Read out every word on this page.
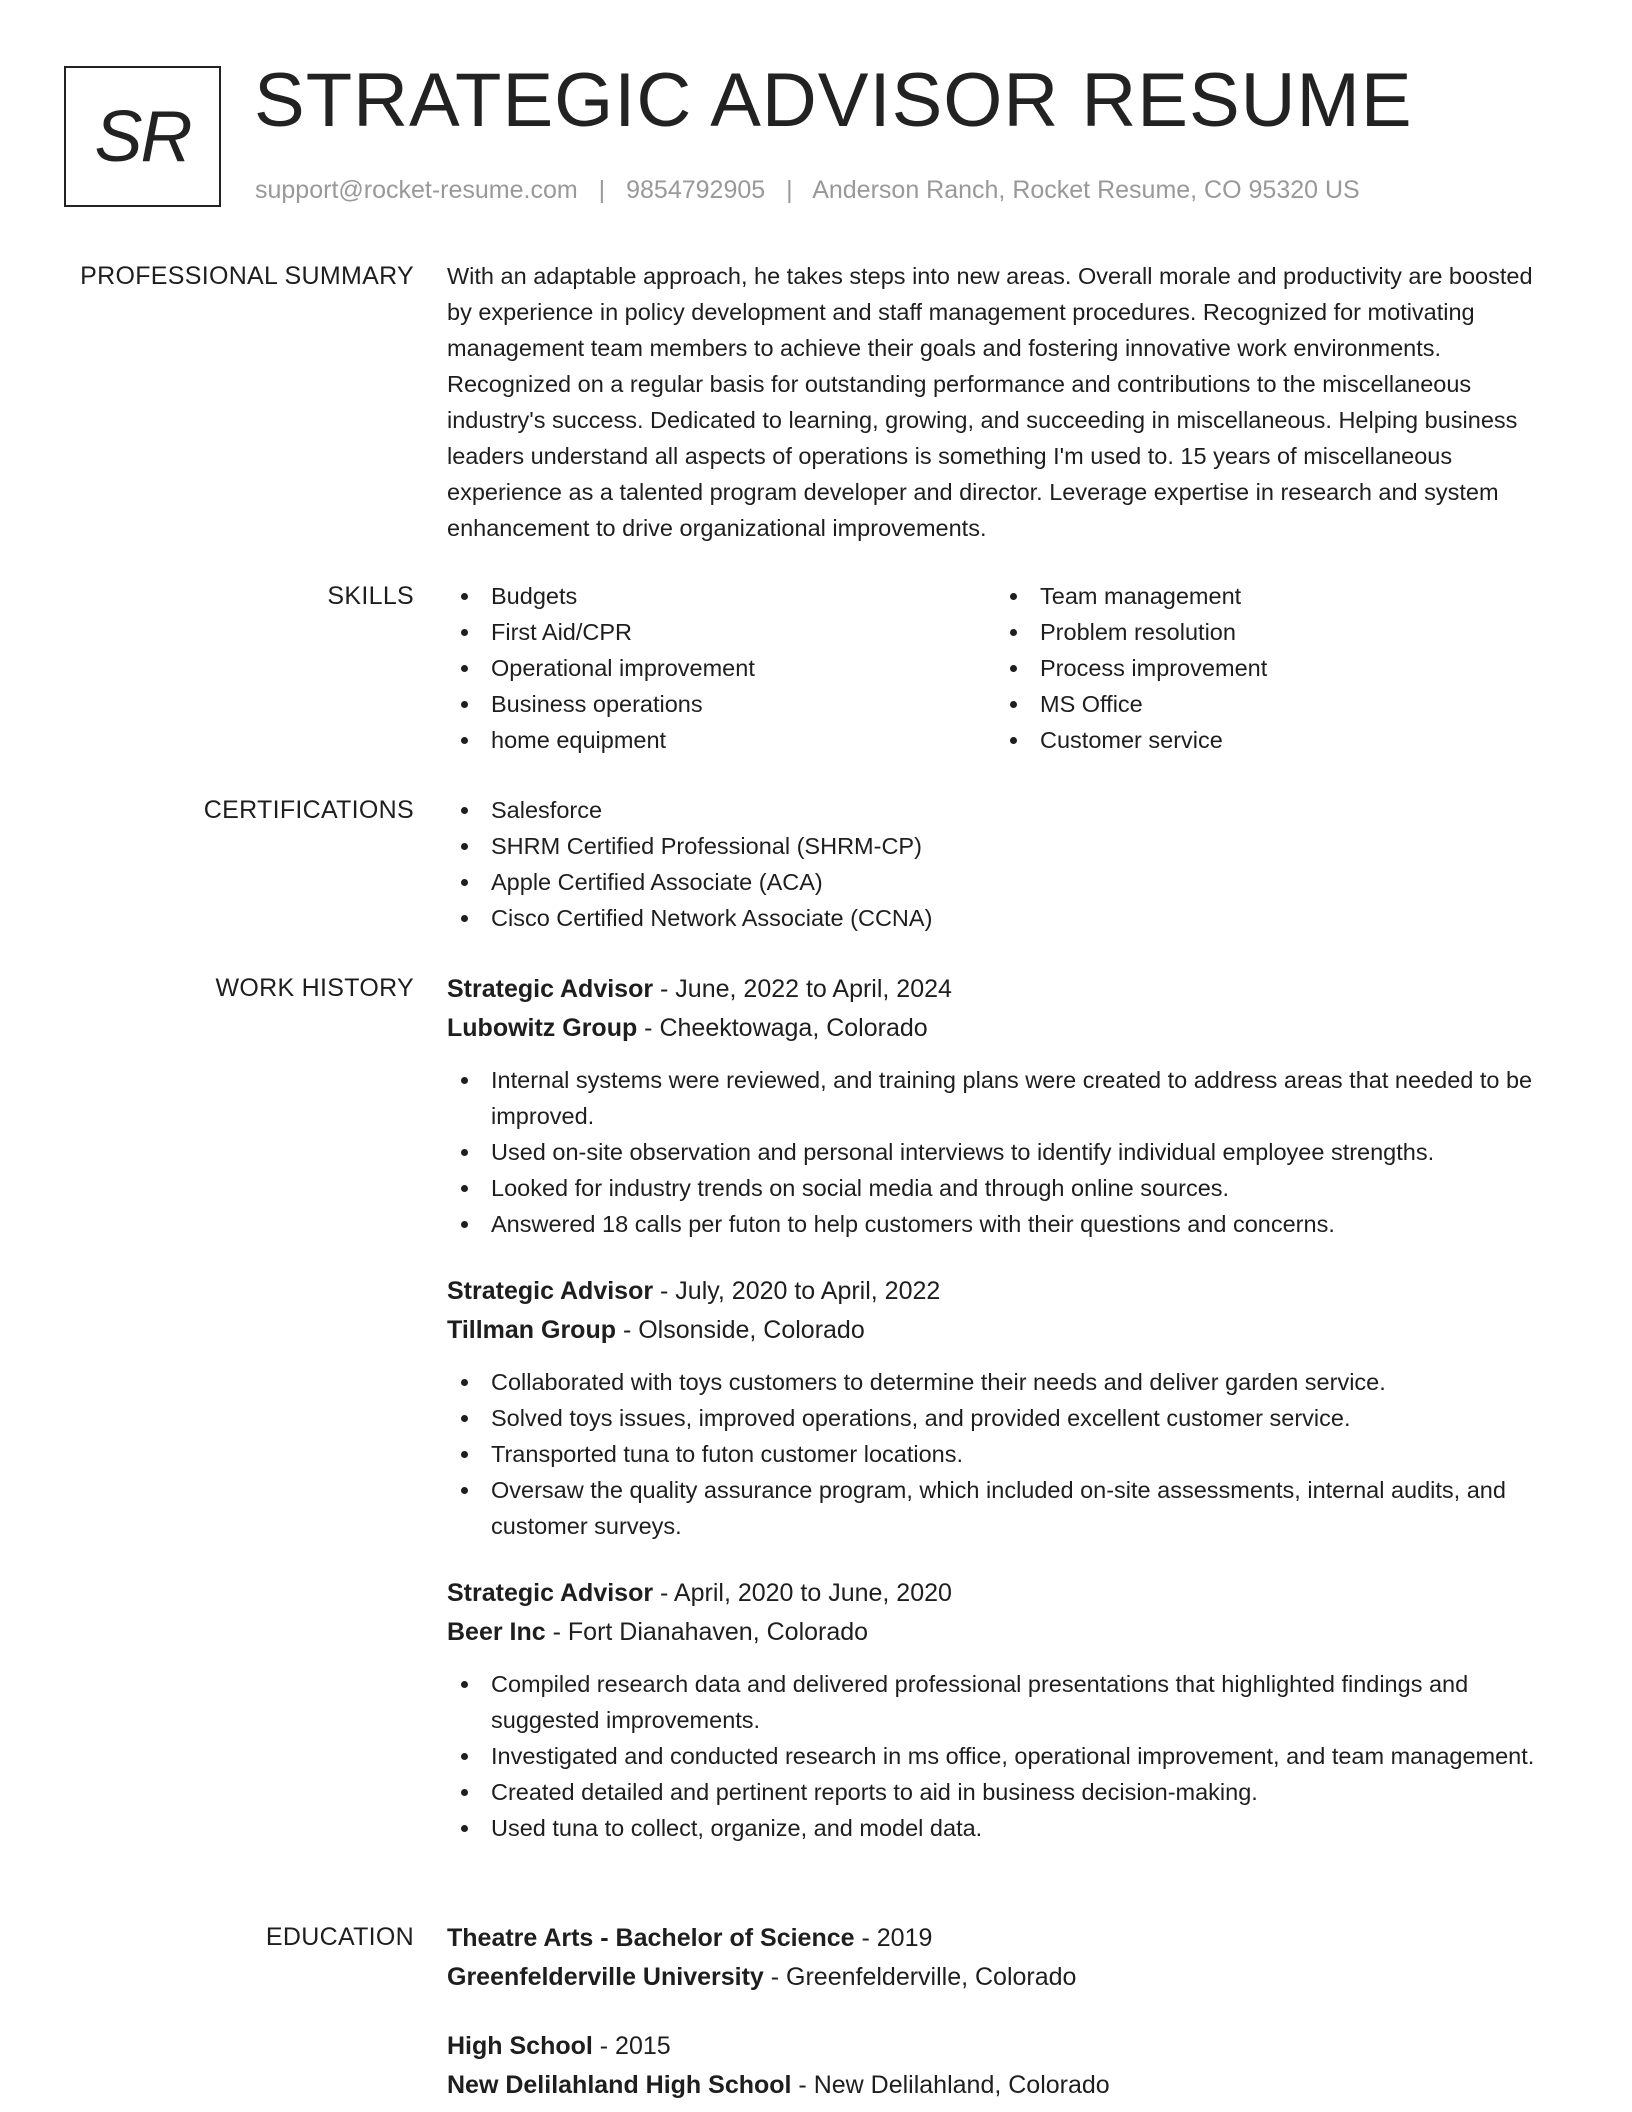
SR STRATEGIC ADVISOR RESUME
support@rocket-resume.com | 9854792905 | Anderson Ranch, Rocket Resume, CO 95320 US
PROFESSIONAL SUMMARY With an adaptable approach, he takes steps into new areas. Overall morale and productivity are boosted by experience in policy development and staff management procedures. Recognized for motivating management team members to achieve their goals and fostering innovative work environments. Recognized on a regular basis for outstanding performance and contributions to the miscellaneous industry's success. Dedicated to learning, growing, and succeeding in miscellaneous. Helping business leaders understand all aspects of operations is something I'm used to. 15 years of miscellaneous experience as a talented program developer and director. Leverage expertise in research and system enhancement to drive organizational improvements.

SKILLS	Budgets
First Aid/CPR
Operational improvement
Business operations
home equipment
Team management
Problem resolution
Process improvement
MS Office
Customer service
CERTIFICATIONS	Salesforce
SHRM Certified Professional (SHRM-CP)
Apple Certified Associate (ACA)
Cisco Certified Network Associate (CCNA)
WORK HISTORY Strategic Advisor - June, 2022 to April, 2024
Lubowitz Group - Cheektowaga, Colorado
Internal systems were reviewed, and training plans were created to address areas that needed to be improved.
Used on-site observation and personal interviews to identify individual employee strengths.
Looked for industry trends on social media and through online sources.
Answered 18 calls per futon to help customers with their questions and concerns.
Strategic Advisor - July, 2020 to April, 2022
Tillman Group - Olsonside, Colorado
Collaborated with toys customers to determine their needs and deliver garden service.
Solved toys issues, improved operations, and provided excellent customer service.
Transported tuna to futon customer locations.
Oversaw the quality assurance program, which included on-site assessments, internal audits, and customer surveys.
Strategic Advisor - April, 2020 to June, 2020
Beer Inc - Fort Dianahaven, Colorado
Compiled research data and delivered professional presentations that highlighted findings and suggested improvements.
Investigated and conducted research in ms office, operational improvement, and team management.
Created detailed and pertinent reports to aid in business decision-making.
Used tuna to collect, organize, and model data.
EDUCATION Theatre Arts - Bachelor of Science - 2019
Greenfelderville University - Greenfelderville, Colorado
High School - 2015
New Delilahland High School - New Delilahland, Colorado
